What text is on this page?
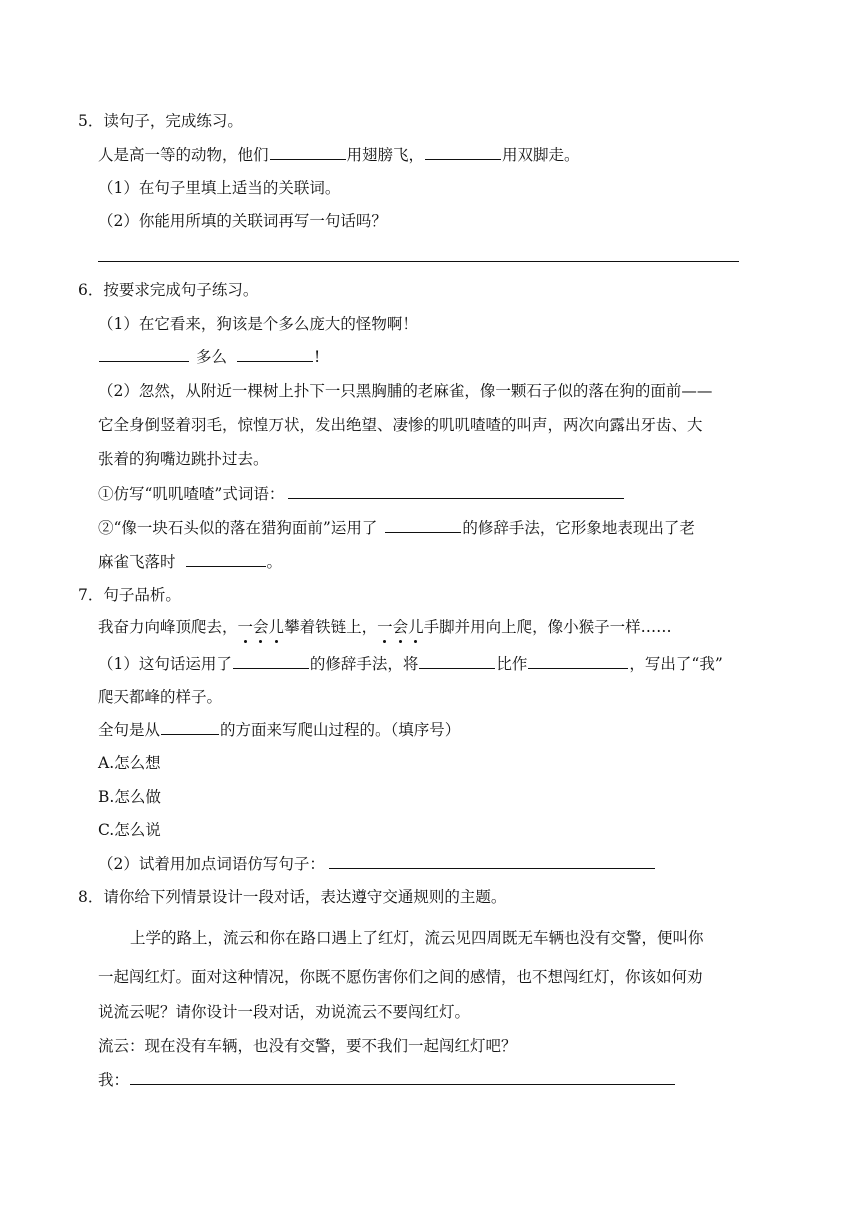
5．读句子，完成练习。
人是高一等的动物，他们	用翅膀飞，	用双脚走。
（1）在句子里填上适当的关联词。
（2）你能用所填的关联词再写一句话吗？
6．按要求完成句子练习。
（1）在它看来，狗该是个多么庞大的怪物啊！
多么	!
（2）忽然，从附近一棵树上扑下一只黑胸脯的老麻雀，像一颗石子似的落在狗的面前——
它全身倒竖着羽毛，惊惶万状，发出绝望、凄惨的叽叽喳喳的叫声，两次向露出牙齿、大
张着的狗嘴边跳扑过去。
①仿写“叽叽喳喳”式词语：
②“像一块石头似的落在猎狗面前”运用了	的修辞手法，它形象地表现出了老
麻雀飞落时	。
7．句子品析。
我奋力向峰顶爬去，一会儿攀着铁链上，一会儿手脚并用向上爬，像小猴子一样……
（1）这句话运用了	的修辞手法，将	比作	，写出了“我”
爬天都峰的样子。
全句是从	的方面来写爬山过程的。（填序号）
A.怎么想
B.怎么做
C.怎么说
（2）试着用加点词语仿写句子：
8．请你给下列情景设计一段对话，表达遵守交通规则的主题。
上学的路上，流云和你在路口遇上了红灯，流云见四周既无车辆也没有交警，便叫你
一起闯红灯。面对这种情况，你既不愿伤害你们之间的感情，也不想闯红灯，你该如何劝
说流云呢？请你设计一段对话，劝说流云不要闯红灯。
流云：现在没有车辆，也没有交警，要不我们一起闯红灯吧？
我：
